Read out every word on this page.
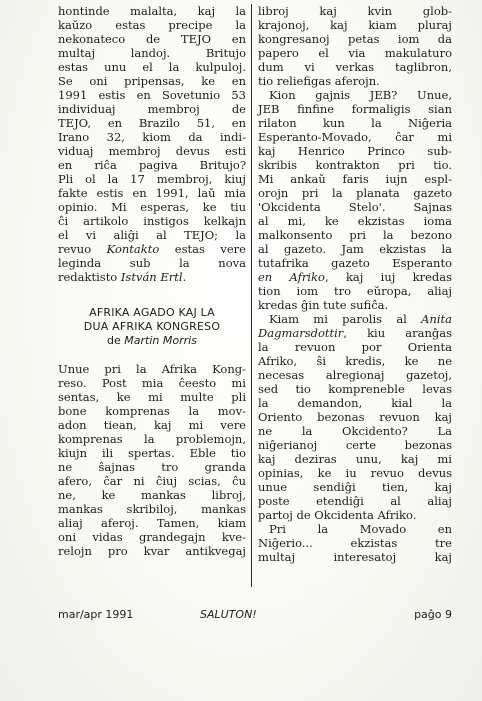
hontinde malalta, kaj la
kaŭzo estas precipe la
nekonateco de TEJO en
multaj landoj. Britujo
estas unu el la kulpuloj.
Se oni pripensas, ke en
1991 estis en Sovetunio 53
individuaj membroj de
TEJO, en Brazilo 51, en
Irano 32, kiom da indi-
viduaj membroj devus esti
en riĉa pagiva Britujo?
Pli ol la 17 membroj, kiuj
fakte estis en 1991, laŭ mia
opinio. Mi esperas, ke tiu
ĉi artikolo instigos kelkajn
el vi aliĝi al TEJO; la
revuo Kontakto estas vere
leginda sub la nova
redaktisto István Ertl.
AFRIKA AGADO KAJ LA
DUA AFRIKA KONGRESO
de Martin Morris
Unue pri la Afrika Kong-
reso. Post mia ĉeesto mi
sentas, ke mi multe pli
bone komprenas la mov-
adon tiean, kaj mi vere
komprenas la problemojn,
kiujn ili spertas. Eble tio
ne ŝajnas tro granda
afero, ĉar ni ĉiuj scias, ĉu
ne, ke mankas libroj,
mankas skribiloj, mankas
aliaj aferoj. Tamen, kiam
oni vidas grandegajn kve-
relojn pro kvar antikvegaj
libroj kaj kvin glob-
krajonoj, kaj kiam pluraj
kongresanoj petas iom da
papero el via makulaturo
dum vi verkas taglibron,
tio reliefigas aferojn.
Kion gajnis JEB? Unue,
JEB finfine formaligis sian
rilaton kun la Niĝeria
Esperanto-Movado, ĉar mi
kaj Henrico Princo sub-
skribis kontrakton pri tio.
Mi ankaŭ faris iujn espl-
orojn pri la planata gazeto
'Okcidenta Stelo'. Sajnas
al mi, ke ekzistas ioma
malkonsento pri la bezono
al gazeto. Jam ekzistas la
tutafrika gazeto Esperanto
en Afriko, kaj iuj kredas
tion iom tro eŭropa, aliaj
kredas ĝin tute sufiĉa.
Kiam mi parolis al Anita
Dagmarsdottir, kiu aranĝas
la revuon por Orienta
Afriko, ŝi kredis, ke ne
necesas alregionaj gazetoj,
sed tio kompreneble levas
la demandon, kial la
Oriento bezonas revuon kaj
ne la Okcidento? La
niĝerianoj certe bezonas
kaj deziras unu, kaj mi
opinias, ke iu revuo devus
unue sendiĝi tien, kaj
poste etendiĝi al aliaj
partoj de Okcidenta Afriko.
Pri la Movado en
Niĝerio... ekzistas tre
multaj interesatoj kaj
mar/apr 1991	SALUTON!	paĝo 9
